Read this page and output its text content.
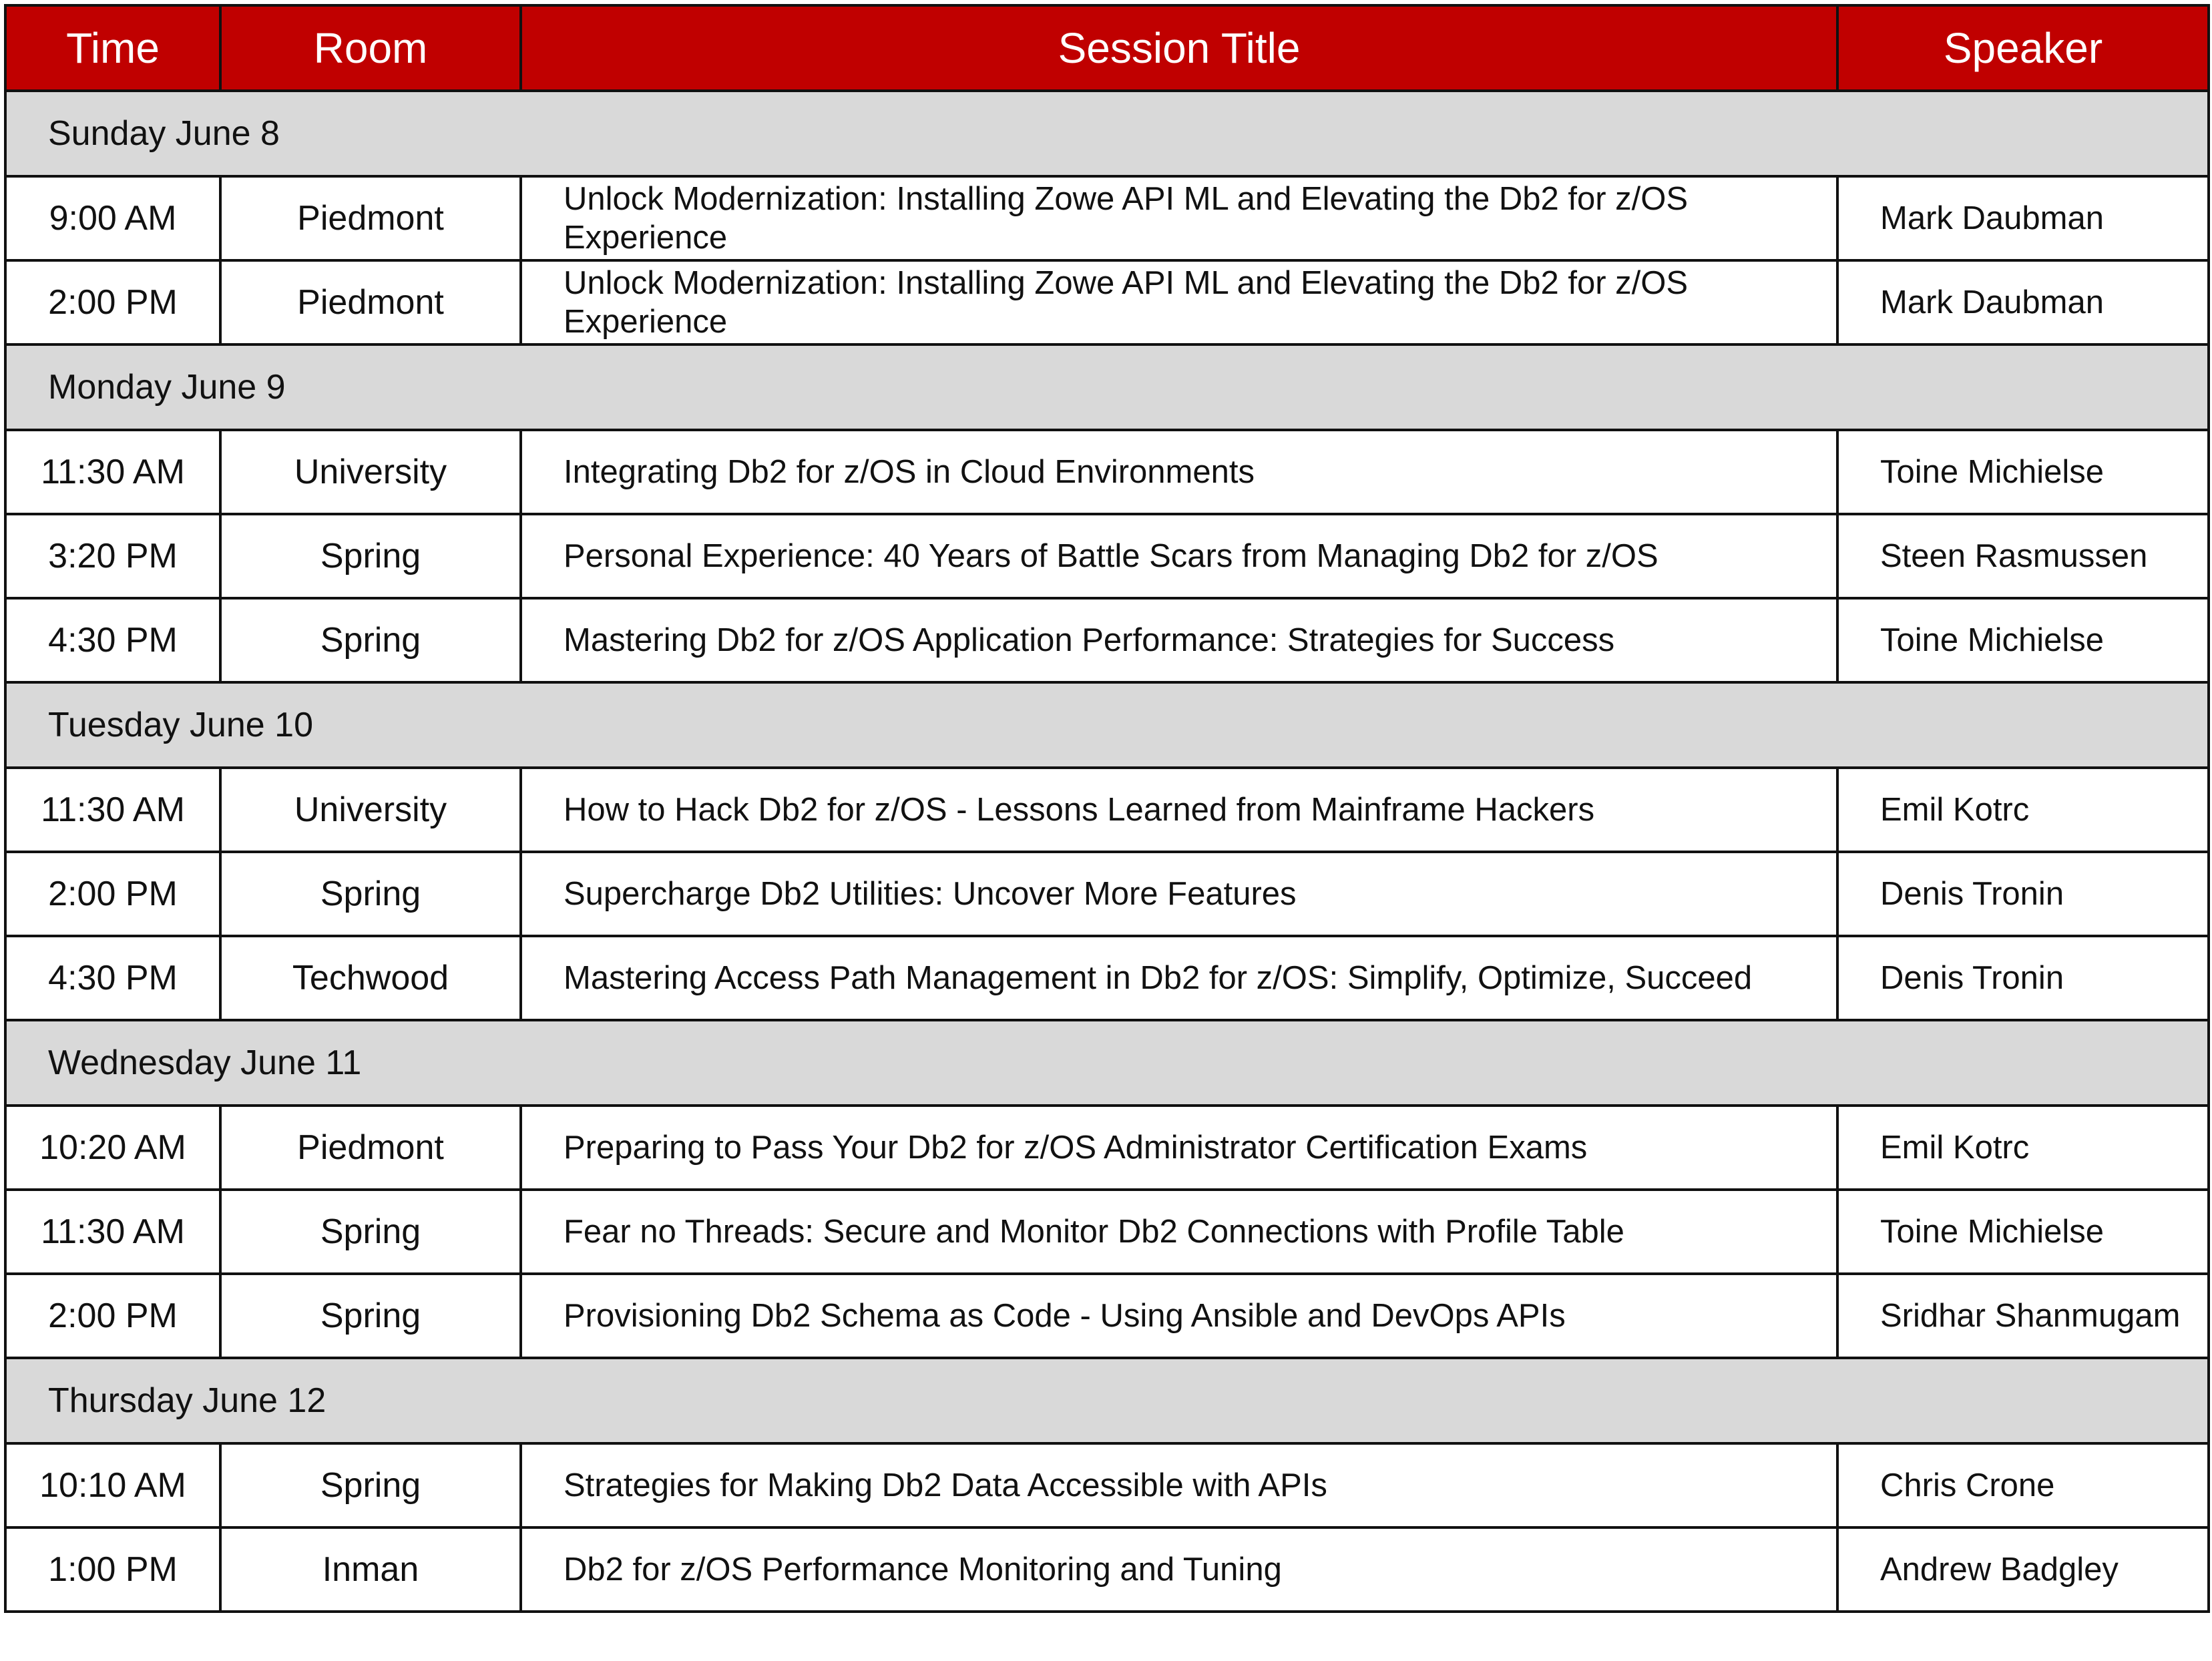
Time	Room	Session Title	Speaker
Sunday June 8			
9:00 AM	Piedmont	Unlock Modernization: Installing Zowe API ML and Elevating the Db2 for z/OS Experience	Mark Daubman
2:00 PM	Piedmont	Unlock Modernization: Installing Zowe API ML and Elevating the Db2 for z/OS Experience	Mark Daubman
Monday June 9			
11:30 AM	University	Integrating Db2 for z/OS in Cloud Environments	Toine Michielse
3:20 PM	Spring	Personal Experience: 40 Years of Battle Scars from Managing Db2 for z/OS	Steen Rasmussen
4:30 PM	Spring	Mastering Db2 for z/OS Application Performance: Strategies for Success	Toine Michielse
Tuesday June 10			
11:30 AM	University	How to Hack Db2 for z/OS - Lessons Learned from Mainframe Hackers	Emil Kotrc
2:00 PM	Spring	Supercharge Db2 Utilities: Uncover More Features	Denis Tronin
4:30 PM	Techwood	Mastering Access Path Management in Db2 for z/OS: Simplify, Optimize, Succeed	Denis Tronin
Wednesday June 11			
10:20 AM	Piedmont	Preparing to Pass Your Db2 for z/OS Administrator Certification Exams	Emil Kotrc
11:30 AM	Spring	Fear no Threads: Secure and Monitor Db2 Connections with Profile Table	Toine Michielse
2:00 PM	Spring	Provisioning Db2 Schema as Code - Using Ansible and DevOps APIs	Sridhar Shanmugam
Thursday June 12			
10:10 AM	Spring	Strategies for Making Db2 Data Accessible with APIs	Chris Crone
1:00 PM	Inman	Db2 for z/OS Performance Monitoring and Tuning	Andrew Badgley
